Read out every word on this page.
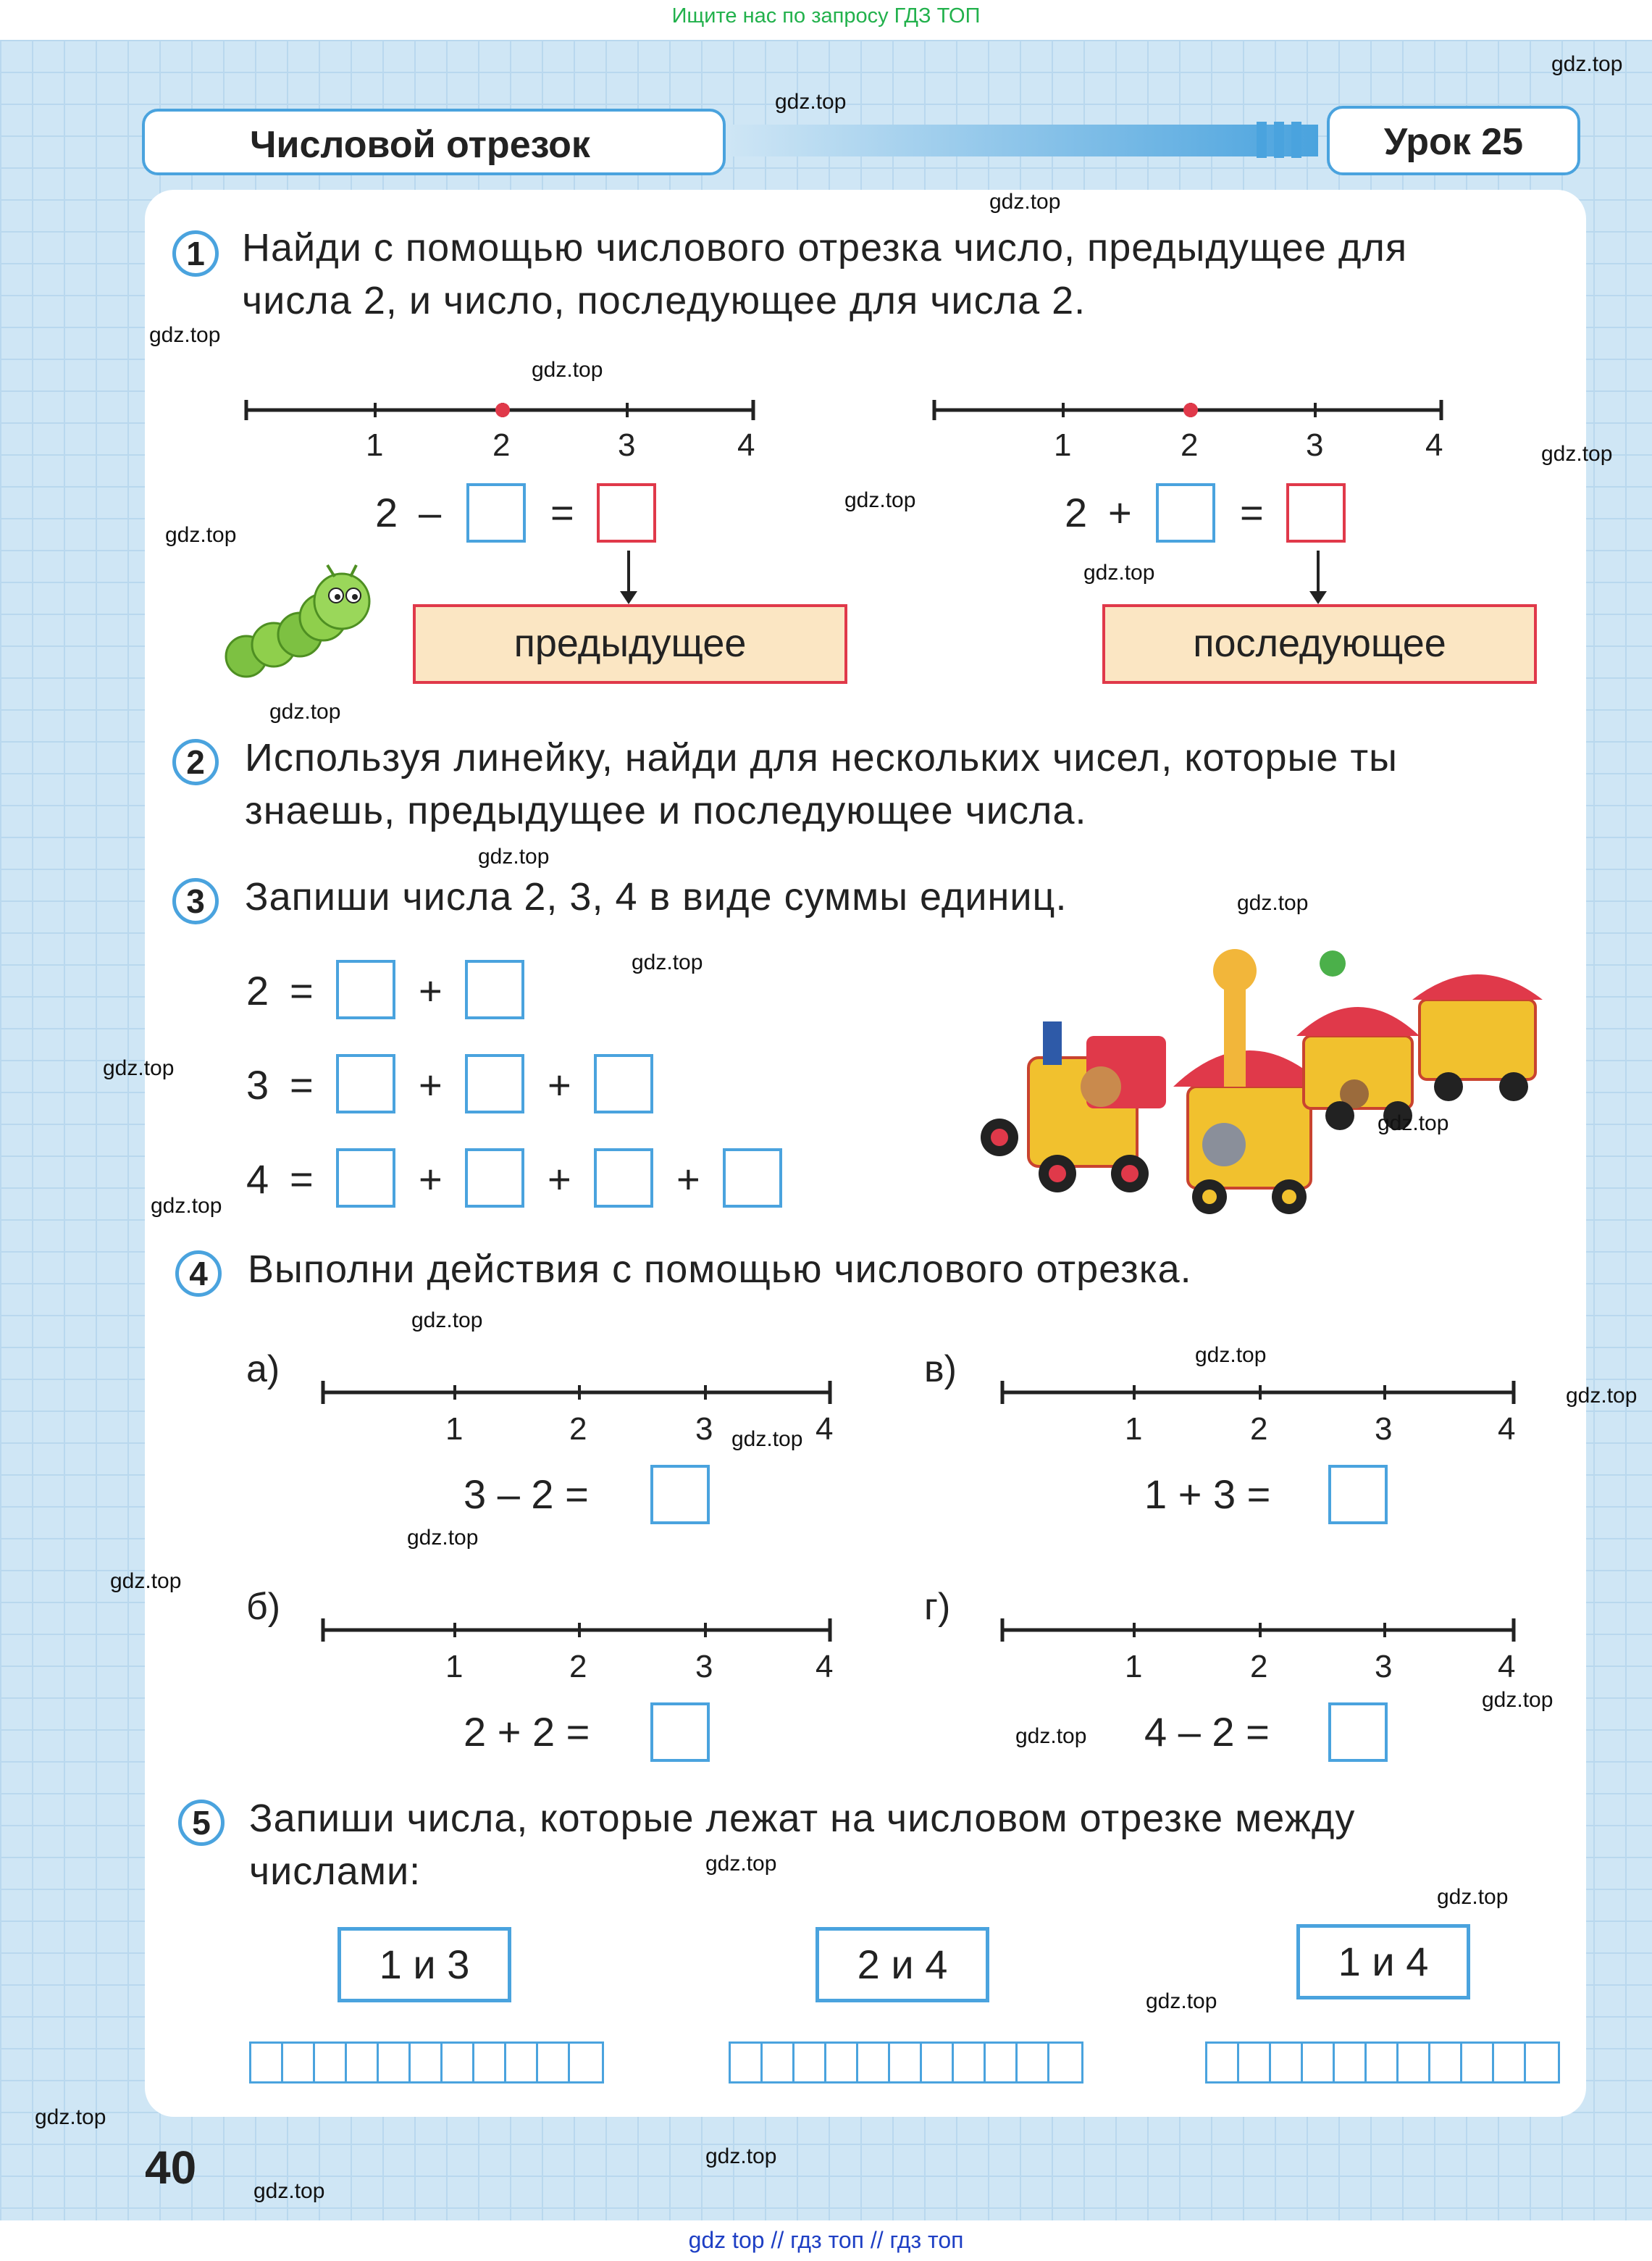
Ищите нас по запросу ГДЗ ТОП
Числовой отрезок	Урок 25
1 Найди с помощью числового отрезка число, предыдущее для
числа 2, и число, последующее для числа 2.
1	2	3	4	1	2	3	4
2 –	=
предыдущее
2 +	=
последующее
2	Используя линейку, найди для нескольких чисел, которые ты
знаешь, предыдущее и последующее числа.
3	Запиши числа 2, 3, 4 в виде суммы единиц.
2 =	+
3 =	+	+
4 =	+	+	+
4	Выполни действия с помощью числового отрезка.
а)
1	2	3	4
3 – 2 =
в)
1	2	3	4
1 + 3 =
б)
1	2	3	4
2 + 2 =
г)
1	2	3	4
4 – 2 =
5 Запиши числа, которые лежат на числовом отрезке между
числами:
1 и 3	2 и 4	1 и 4
40
gdz.top
gdz.top
gdz.top
gdz.top
gdz.top
gdz.top
gdz.top
gdz.top
gdz.top
gdz.top
gdz.top
gdz.top
gdz.top
gdz.top
gdz.top
gdz.top
gdz.top
gdz.top
gdz.top
gdz.top
gdz.top
gdz.top
gdz.top
gdz.top
gdz.top
gdz.top
gdz.top
gdz.top
gdz.top
gdz.top
gdz top // гдз топ // гдз топ
